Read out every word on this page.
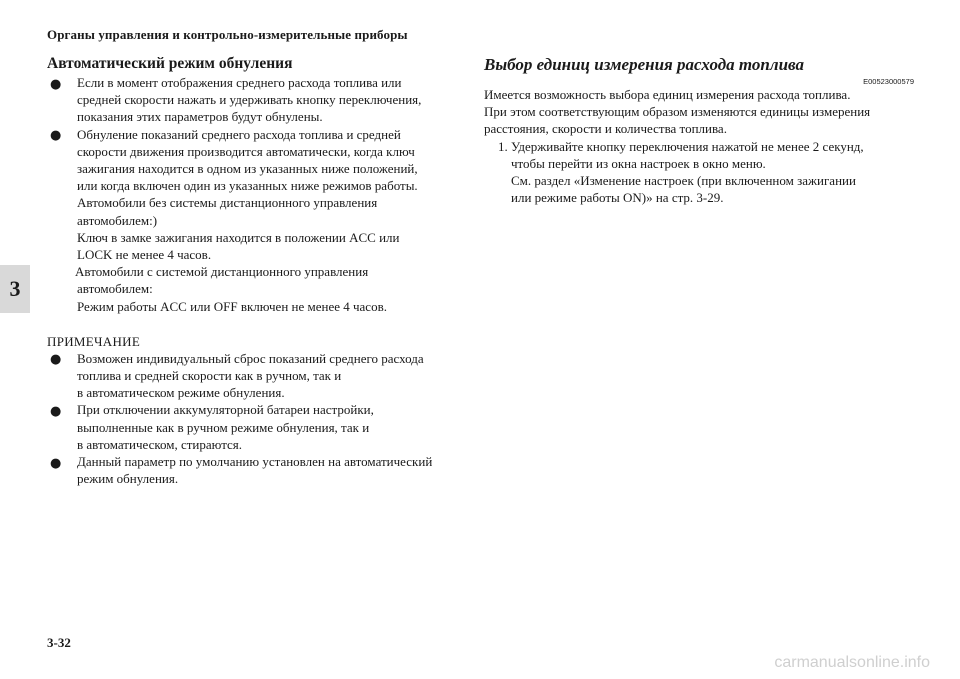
Органы управления и контрольно-измерительные приборы
3
Автоматический режим обнуления
● Если в момент отображения среднего расхода топлива или
средней скорости нажать и удерживать кнопку переключения,
показания этих параметров будут обнулены.
● Обнуление показаний среднего расхода топлива и средней
скорости движения производится автоматически, когда ключ
зажигания находится в одном из указанных ниже положений,
или когда включен один из указанных ниже режимов работы.
Автомобили без системы дистанционного управления
автомобилем:)
Ключ в замке зажигания находится в положении ACC или
LOCK не менее 4 часов.
Автомобили с системой дистанционного управления
автомобилем:
Режим работы ACC или OFF включен не менее 4 часов.
ПРИМЕЧАНИЕ
● Возможен индивидуальный сброс показаний среднего расхода
топлива и средней скорости как в ручном, так и
в автоматическом режиме обнуления.
● При отключении аккумуляторной батареи настройки,
выполненные как в ручном режиме обнуления, так и
в автоматическом, стираются.
● Данный параметр по умолчанию установлен на автоматический
режим обнуления.
Выбор единиц измерения расхода топлива
E00523000579
Имеется возможность выбора единиц измерения расхода топлива.
При этом соответствующим образом изменяются единицы измерения
расстояния, скорости и количества топлива.
1. Удерживайте кнопку переключения нажатой не менее 2 секунд,
чтобы перейти из окна настроек в окно меню.
См. раздел «Изменение настроек (при включенном зажигании
или режиме работы ON)» на стр. 3-29.
3-32
carmanualsonline.info
